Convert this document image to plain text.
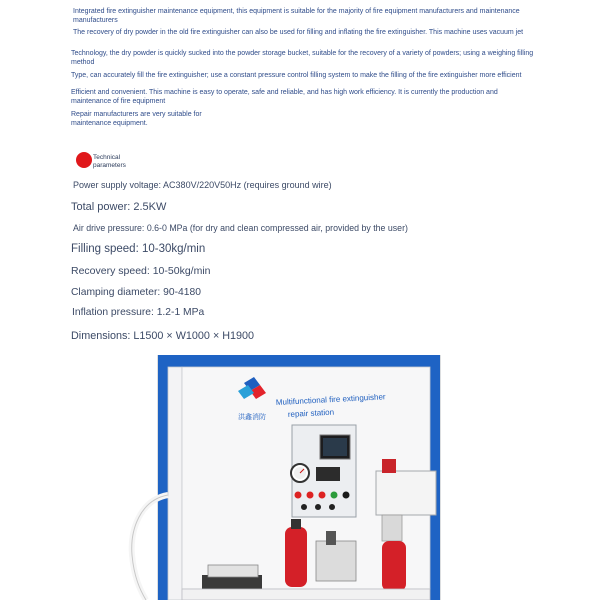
Integrated fire extinguisher maintenance equipment, this equipment is suitable for the majority of fire equipment manufacturers and maintenance manufacturers

The recovery of dry powder in the old fire extinguisher can also be used for filling and inflating the fire extinguisher. This machine uses vacuum jet

Technology, the dry powder is quickly sucked into the powder storage bucket, suitable for the recovery of a variety of powders; using a weighing filling method

Type, can accurately fill the fire extinguisher; use a constant pressure control filling system to make the filling of the fire extinguisher more efficient

Efficient and convenient. This machine is easy to operate, safe and reliable, and has high work efficiency. It is currently the production and maintenance of fire equipment

Repair manufacturers are very suitable for maintenance equipment.

Technical parameters

Power supply voltage: AC380V/220V50Hz (requires ground wire)

Total power: 2.5KW

Air drive pressure: 0.6-0 MPa (for dry and clean compressed air, provided by the user)

Filling speed: 10-30kg/min

Recovery speed: 10-50kg/min

Clamping diameter: 90-4180

Inflation pressure: 1.2-1 MPa

Dimensions: L1500 × W1000 × H1900

洪鑫消防
Multifunctional fire extinguisher
repair station
